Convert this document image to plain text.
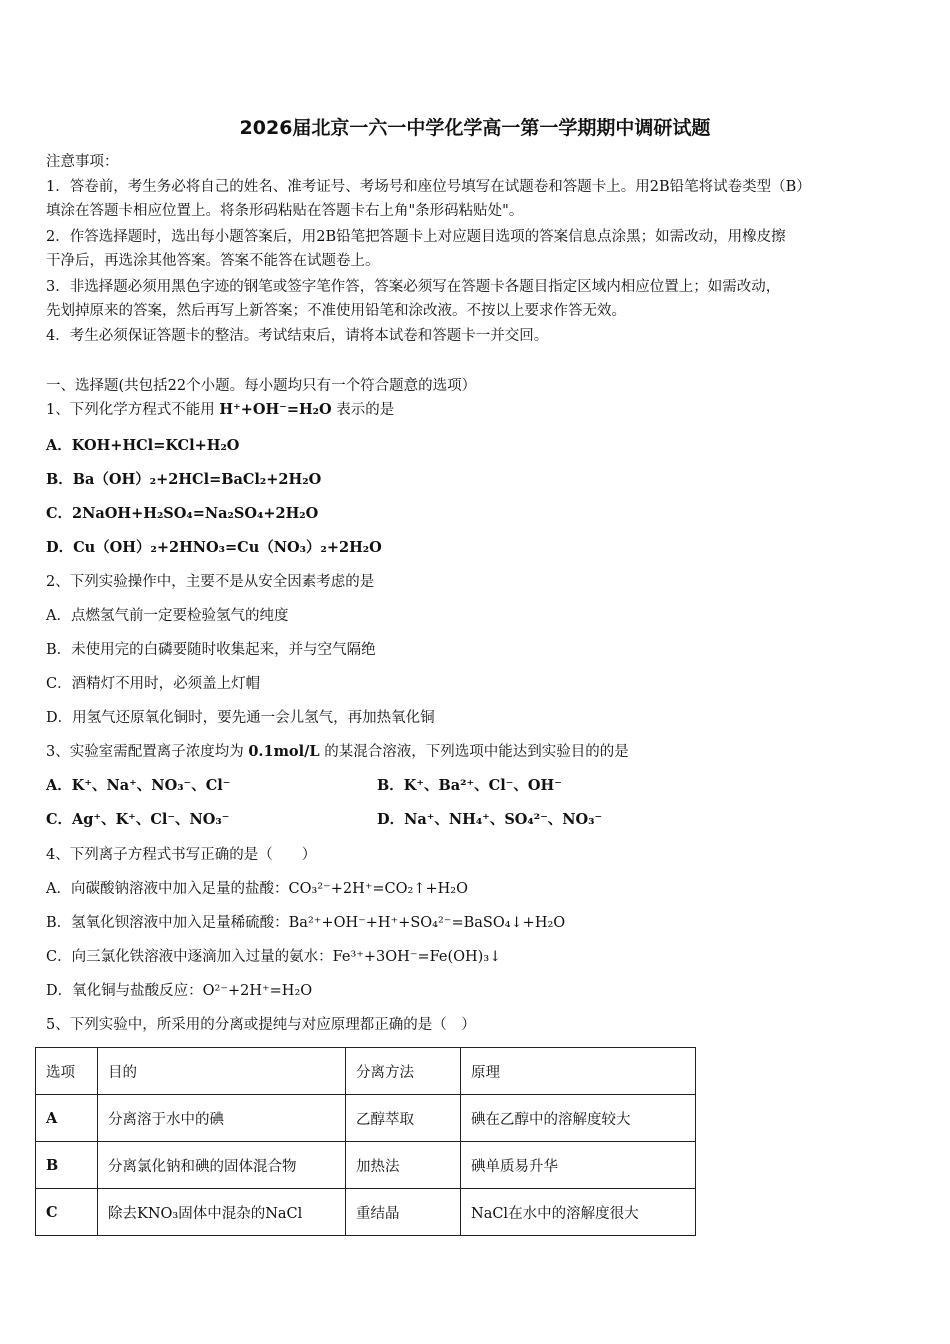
2026届北京一六一中学化学高一第一学期期中调研试题
注意事项：
1．答卷前，考生务必将自己的姓名、准考证号、考场号和座位号填写在试题卷和答题卡上。用2B铅笔将试卷类型（B）
填涂在答题卡相应位置上。将条形码粘贴在答题卡右上角"条形码粘贴处"。
2．作答选择题时，选出每小题答案后，用2B铅笔把答题卡上对应题目选项的答案信息点涂黑；如需改动，用橡皮擦
干净后，再选涂其他答案。答案不能答在试题卷上。
3．非选择题必须用黑色字迹的钢笔或签字笔作答，答案必须写在答题卡各题目指定区域内相应位置上；如需改动，
先划掉原来的答案，然后再写上新答案；不准使用铅笔和涂改液。不按以上要求作答无效。
4．考生必须保证答题卡的整洁。考试结束后，请将本试卷和答题卡一并交回。
一、选择题(共包括22个小题。每小题均只有一个符合题意的选项）
1、下列化学方程式不能用 H⁺+OH⁻=H₂O 表示的是
A．KOH+HCl=KCl+H₂O
B．Ba（OH）₂+2HCl=BaCl₂+2H₂O
C．2NaOH+H₂SO₄=Na₂SO₄+2H₂O
D．Cu（OH）₂+2HNO₃=Cu（NO₃）₂+2H₂O
2、下列实验操作中，主要不是从安全因素考虑的是
A．点燃氢气前一定要检验氢气的纯度
B．未使用完的白磷要随时收集起来，并与空气隔绝
C．酒精灯不用时，必须盖上灯帽
D．用氢气还原氧化铜时，要先通一会儿氢气，再加热氧化铜
3、实验室需配置离子浓度均为 0.1mol/L 的某混合溶液，下列选项中能达到实验目的的是
A．K⁺、Na⁺、NO₃⁻、Cl⁻	B．K⁺、Ba²⁺、Cl⁻、OH⁻
C．Ag⁺、K⁺、Cl⁻、NO₃⁻	D．Na⁺、NH₄⁺、SO₄²⁻、NO₃⁻
4、下列离子方程式书写正确的是（　　）
A．向碳酸钠溶液中加入足量的盐酸：CO₃²⁻+2H⁺=CO₂↑+H₂O
B．氢氧化钡溶液中加入足量稀硫酸：Ba²⁺+OH⁻+H⁺+SO₄²⁻=BaSO₄↓+H₂O
C．向三氯化铁溶液中逐滴加入过量的氨水：Fe³⁺+3OH⁻=Fe(OH)₃↓
D．氧化铜与盐酸反应：O²⁻+2H⁺=H₂O
5、下列实验中，所采用的分离或提纯与对应原理都正确的是（　）
选项	目的	分离方法	原理
A	分离溶于水中的碘	乙醇萃取	碘在乙醇中的溶解度较大
B	分离氯化钠和碘的固体混合物	加热法	碘单质易升华
C	除去KNO₃固体中混杂的NaCl	重结晶	NaCl在水中的溶解度很大
